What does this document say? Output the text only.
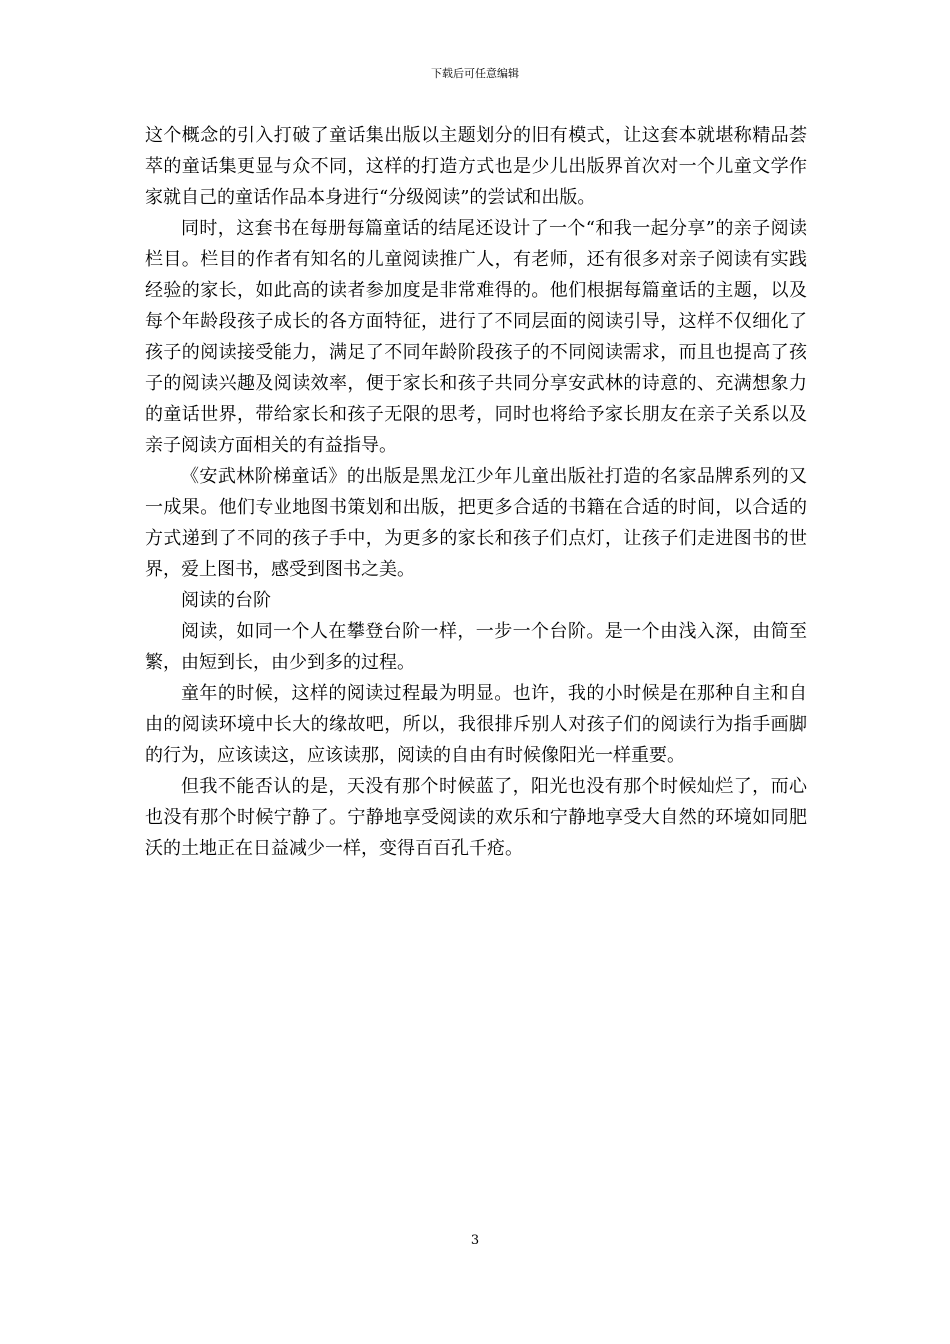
下载后可任意编辑

这个概念的引入打破了童话集出版以主题划分的旧有模式，让这套本就堪称精品荟萃的童话集更显与众不同，这样的打造方式也是少儿出版界首次对一个儿童文学作家就自己的童话作品本身进行“分级阅读”的尝试和出版。

同时，这套书在每册每篇童话的结尾还设计了一个“和我一起分享”的亲子阅读栏目。栏目的作者有知名的儿童阅读推广人，有老师，还有很多对亲子阅读有实践经验的家长，如此高的读者参加度是非常难得的。他们根据每篇童话的主题，以及每个年龄段孩子成长的各方面特征，进行了不同层面的阅读引导，这样不仅细化了孩子的阅读接受能力，满足了不同年龄阶段孩子的不同阅读需求，而且也提高了孩子的阅读兴趣及阅读效率，便于家长和孩子共同分享安武林的诗意的、充满想象力的童话世界，带给家长和孩子无限的思考，同时也将给予家长朋友在亲子关系以及亲子阅读方面相关的有益指导。

《安武林阶梯童话》的出版是黑龙江少年儿童出版社打造的名家品牌系列的又一成果。他们专业地图书策划和出版，把更多合适的书籍在合适的时间，以合适的方式递到了不同的孩子手中，为更多的家长和孩子们点灯，让孩子们走进图书的世界，爱上图书，感受到图书之美。

阅读的台阶

阅读，如同一个人在攀登台阶一样，一步一个台阶。是一个由浅入深，由简至繁，由短到长，由少到多的过程。

童年的时候，这样的阅读过程最为明显。也许，我的小时候是在那种自主和自由的阅读环境中长大的缘故吧，所以，我很排斥别人对孩子们的阅读行为指手画脚的行为，应该读这，应该读那，阅读的自由有时候像阳光一样重要。

但我不能否认的是，天没有那个时候蓝了，阳光也没有那个时候灿烂了，而心也没有那个时候宁静了。宁静地享受阅读的欢乐和宁静地享受大自然的环境如同肥沃的土地正在日益减少一样，变得百百孔千疮。

3
